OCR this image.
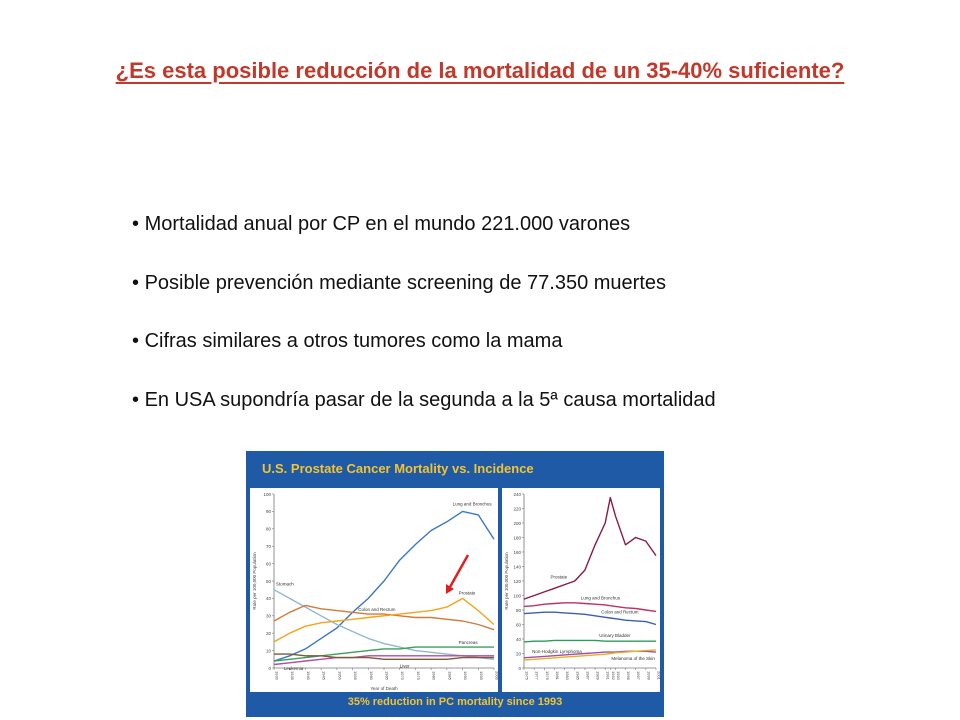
¿Es esta posible reducción de la mortalidad de un 35-40% suficiente?
• Mortalidad anual por CP en el mundo 221.000 varones
• Posible prevención mediante screening de 77.350 muertes
• Cifras similares a otros tumores como la mama
• En USA supondría pasar de la segunda a la 5ª causa mortalidad
U.S. Prostate Cancer Mortality vs. Incidence
0
10
20
30
40
50
60
70
80
90
100
1930	1935	1940	1945	1950	1955	1960	1965	1970	1975	1980	1985	1990	1995	2000
Rate per 100,000 Population
Year of Death
Lung and Bronchus
Stomach
Colon and Rectum
Prostate
Pancreas
Leukemia	Liver	0
20
40
60
80
100
120
140
160
180
200
220
240
1975 1977 1979 1981 1983 1985 1987 1989 1991 1992 1993 1995 1997 1999 2001
Rate per 100,000 Population	Prostate
Lung and Bronchus
Colon and Rectum
Urinary Bladder
Non-Hodgkin Lymphoma
Melanoma of the Skin
35% reduction in PC mortality since 1993
